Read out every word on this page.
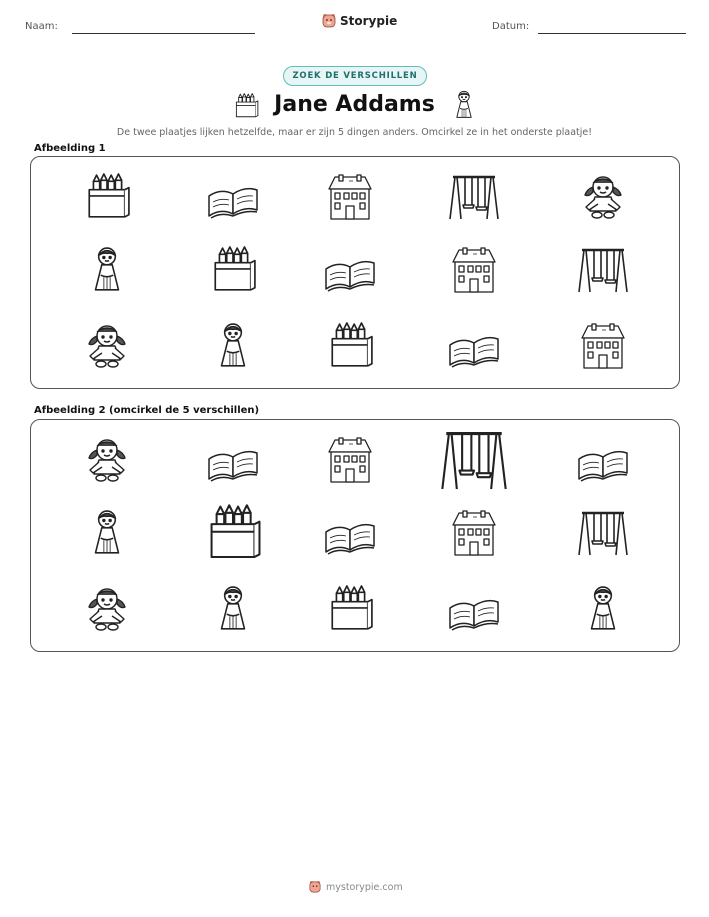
Naam:	Storypie	Datum:
ZOEK DE VERSCHILLEN
Jane Addams
De twee plaatjes lijken hetzelfde, maar er zijn 5 dingen anders. Omcirkel ze in het onderste plaatje!
Afbeelding 1
Afbeelding 2 (omcirkel de 5 verschillen)
mystorypie.com
